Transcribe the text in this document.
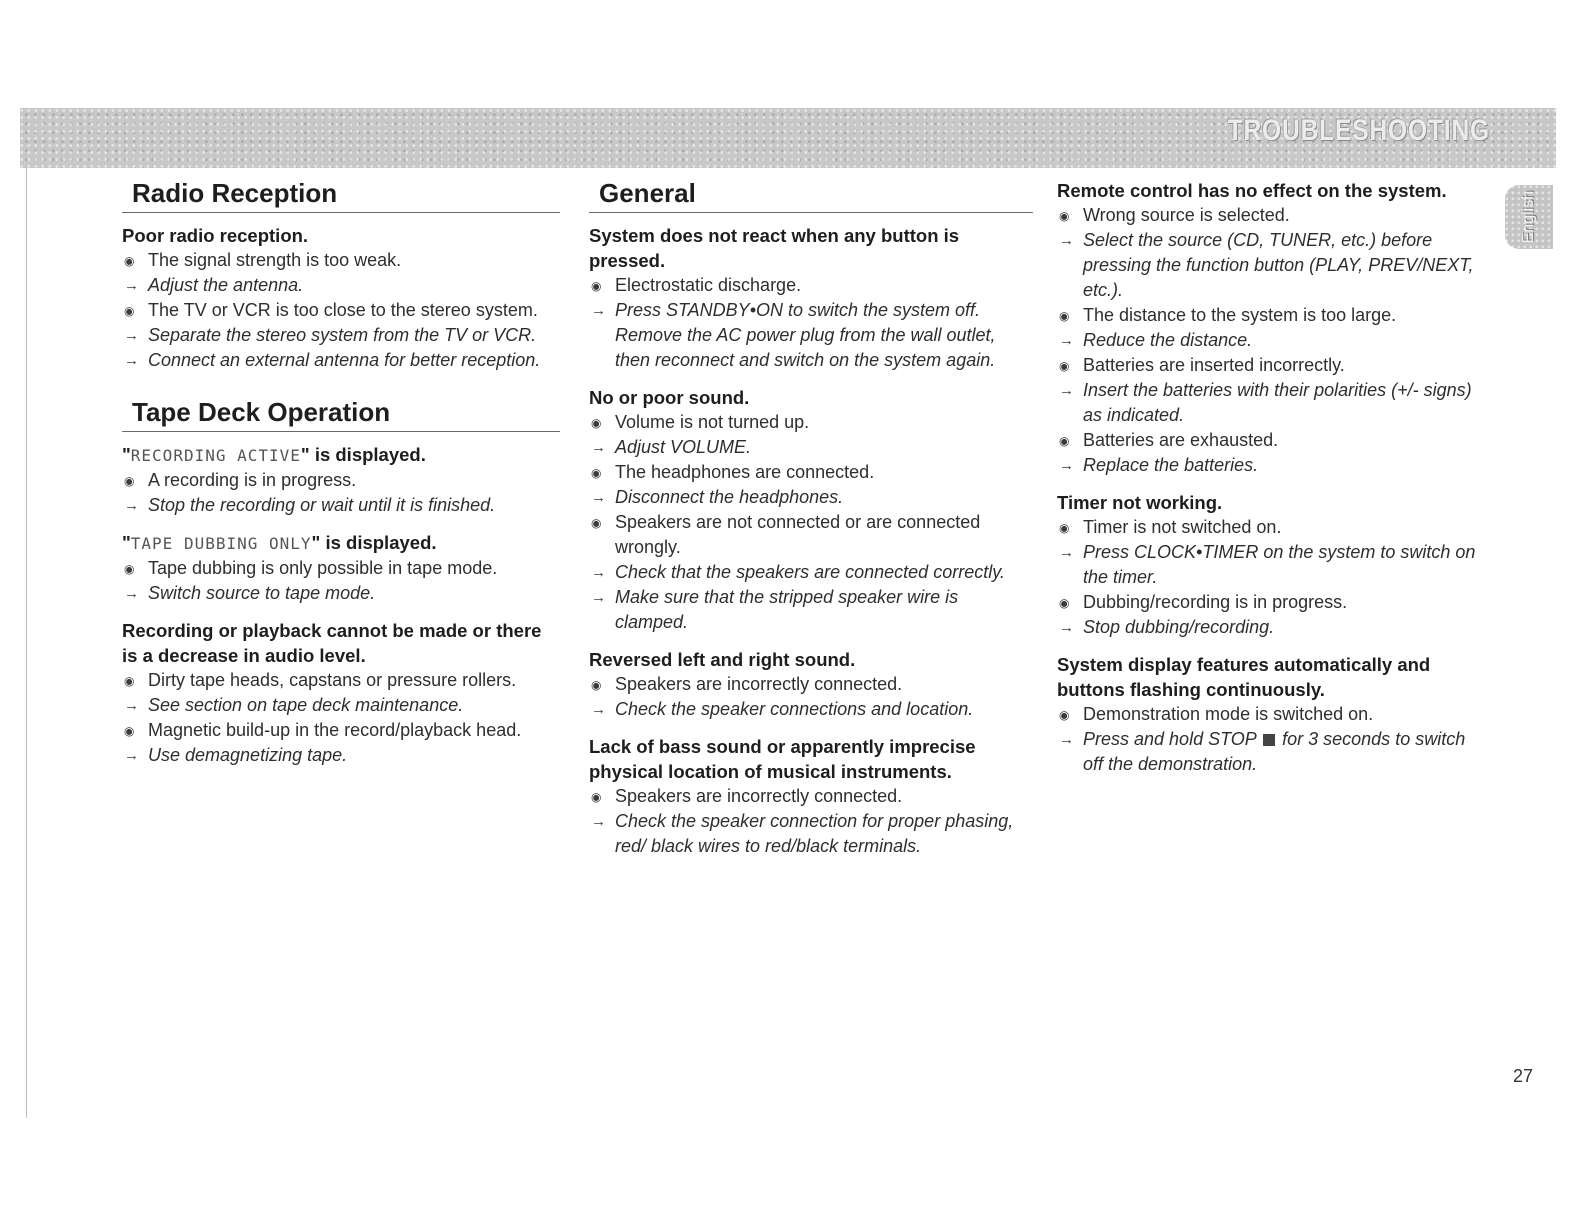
TROUBLESHOOTING
English
Radio Reception

Poor radio reception.

◉ The signal strength is too weak.

→ Adjust the antenna.

◉ The TV or VCR is too close to the stereo system.

→ Separate the stereo system from the TV or VCR.

→ Connect an external antenna for better reception.

Tape Deck Operation

"RECORDING ACTIVE" is displayed.

◉ A recording is in progress.

→ Stop the recording or wait until it is finished.

"TAPE DUBBING ONLY" is displayed.

◉ Tape dubbing is only possible in tape mode.

→ Switch source to tape mode.

Recording or playback cannot be made or there is a decrease in audio level.

◉ Dirty tape heads, capstans or pressure rollers.

→ See section on tape deck maintenance.

◉ Magnetic build-up in the record/playback head.

→ Use demagnetizing tape.

General

System does not react when any button is pressed.

◉ Electrostatic discharge.

→ Press STANDBY•ON to switch the system off. Remove the AC power plug from the wall outlet, then reconnect and switch on the system again.

No or poor sound.

◉ Volume is not turned up.

→ Adjust VOLUME.

◉ The headphones are connected.

→ Disconnect the headphones.

◉ Speakers are not connected or are connected wrongly.

→ Check that the speakers are connected correctly.

→ Make sure that the stripped speaker wire is clamped.

Reversed left and right sound.

◉ Speakers are incorrectly connected.

→ Check the speaker connections and location.

Lack of bass sound or apparently imprecise physical location of musical instruments.

◉ Speakers are incorrectly connected.

→ Check the speaker connection for proper phasing, red/ black wires to red/black terminals.

Remote control has no effect on the system.

◉ Wrong source is selected.

→ Select the source (CD, TUNER, etc.) before pressing the function button (PLAY, PREV/NEXT, etc.).

◉ The distance to the system is too large.

→ Reduce the distance.

◉ Batteries are inserted incorrectly.

→ Insert the batteries with their polarities (+/- signs) as indicated.

◉ Batteries are exhausted.

→ Replace the batteries.

Timer not working.

◉ Timer is not switched on.

→ Press CLOCK•TIMER on the system to switch on the timer.

◉ Dubbing/recording is in progress.

→ Stop dubbing/recording.

System display features automatically and buttons flashing continuously.

◉ Demonstration mode is switched on.

→ Press and hold STOP for 3 seconds to switch off the demonstration.

27
